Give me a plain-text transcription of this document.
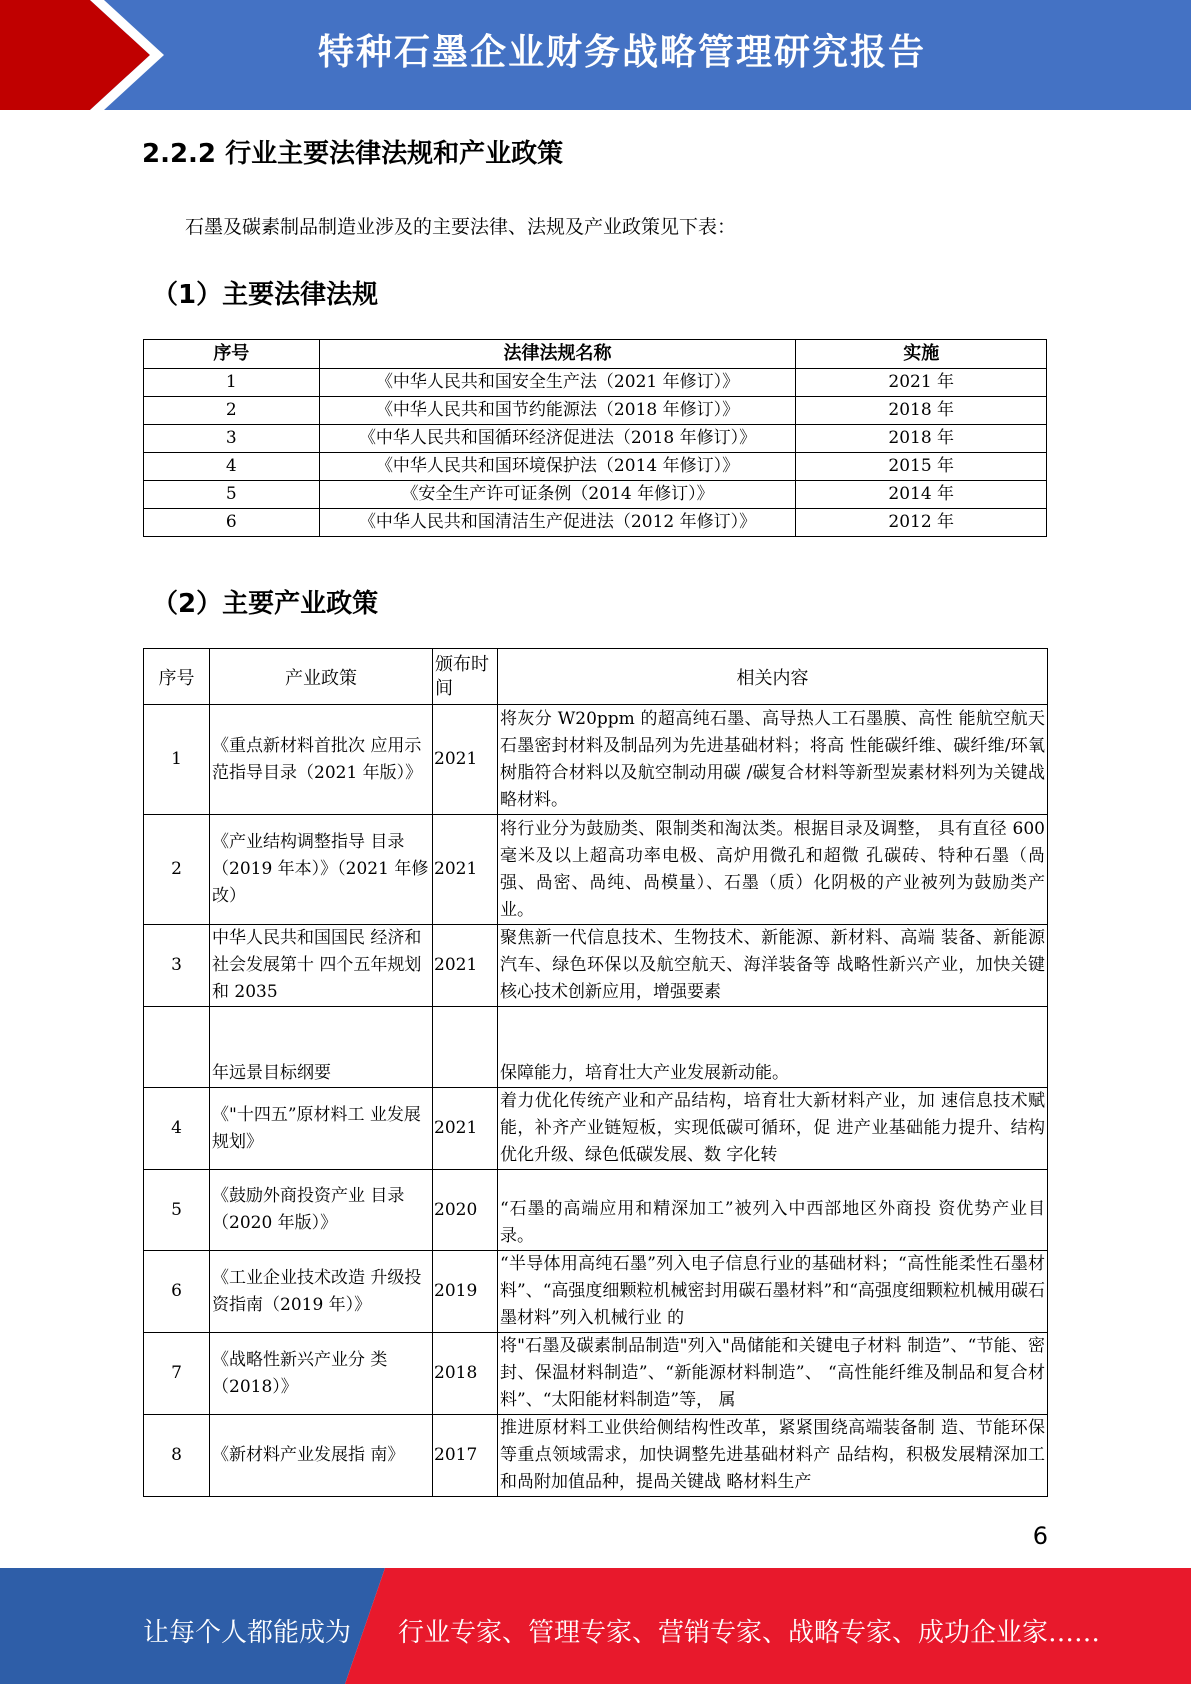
特种石墨企业财务战略管理研究报告
2.2.2 行业主要法律法规和产业政策
石墨及碳素制品制造业涉及的主要法律、法规及产业政策见下表：
（1）主要法律法规
序号	法律法规名称	实施
1	《中华人民共和国安全生产法（2021 年修订）》	2021 年
2	《中华人民共和国节约能源法（2018 年修订）》	2018 年
3	《中华人民共和国循环经济促进法（2018 年修订）》	2018 年
4	《中华人民共和国环境保护法（2014 年修订）》	2015 年
5	《安全生产许可证条例（2014 年修订）》	2014 年
6	《中华人民共和国清洁生产促进法（2012 年修订）》	2012 年
（2）主要产业政策
序号	产业政策	颁布时间	相关内容
1	《重点新材料首批次 应用示范指导目录（2021 年版）》	2021	将灰分 W20ppm 的超高纯石墨、高导热人工石墨膜、高性 能航空航天石墨密封材料及制品列为先进基础材料；将高 性能碳纤维、碳纤维/环氧树脂符合材料以及航空制动用碳 /碳复合材料等新型炭素材料列为关键战略材料。
2	《产业结构调整指导 目录（2019 年本）》（2021 年修改）	2021	将行业分为鼓励类、限制类和淘汰类。根据目录及调整， 具有直径 600 毫米及以上超高功率电极、高炉用微孔和超微 孔碳砖、特种石墨（咼强、咼密、咼纯、咼模量）、石墨（质）化阴极的产业被列为鼓励类产业。
3	中华人民共和国国民 经济和社会发展第十 四个五年规划和 2035	2021	聚焦新一代信息技术、生物技术、新能源、新材料、高端 装备、新能源汽车、绿色环保以及航空航天、海洋装备等 战略性新兴产业，加快关键核心技术创新应用，增强要素
	年远景目标纲要		保障能力，培育壮大产业发展新动能。
4	《"十四五”原材料工 业发展规划》	2021	着力优化传统产业和产品结构，培育壮大新材料产业，加 速信息技术赋能，补齐产业链短板，实现低碳可循环，促 进产业基础能力提升、结构优化升级、绿色低碳发展、数 字化转
5	《鼓励外商投资产业 目录（2020 年版）》	2020	“石墨的高端应用和精深加工”被列入中西部地区外商投 资优势产业目录。
6	《工业企业技术改造 升级投资指南（2019 年）》	2019	“半导体用高纯石墨”列入电子信息行业的基础材料；“高性能柔性石墨材料”、“高强度细颗粒机械密封用碳石墨材料”和“高强度细颗粒机械用碳石墨材料”列入机械行业 的
7	《战略性新兴产业分 类（2018）》	2018	将"石墨及碳素制品制造"列入"咼储能和关键电子材料 制造”、“节能、密封、保温材料制造”、“新能源材料制造”、 “高性能纤维及制品和复合材料”、“太阳能材料制造”等， 属
8	《新材料产业发展指 南》	2017	推进原材料工业供给侧结构性改革，紧紧围绕高端装备制 造、节能环保等重点领域需求，加快调整先进基础材料产 品结构，积极发展精深加工和咼附加值品种，提咼关键战 略材料生产
6
让每个人都能成为 行业专家、管理专家、营销专家、战略专家、成功企业家……
